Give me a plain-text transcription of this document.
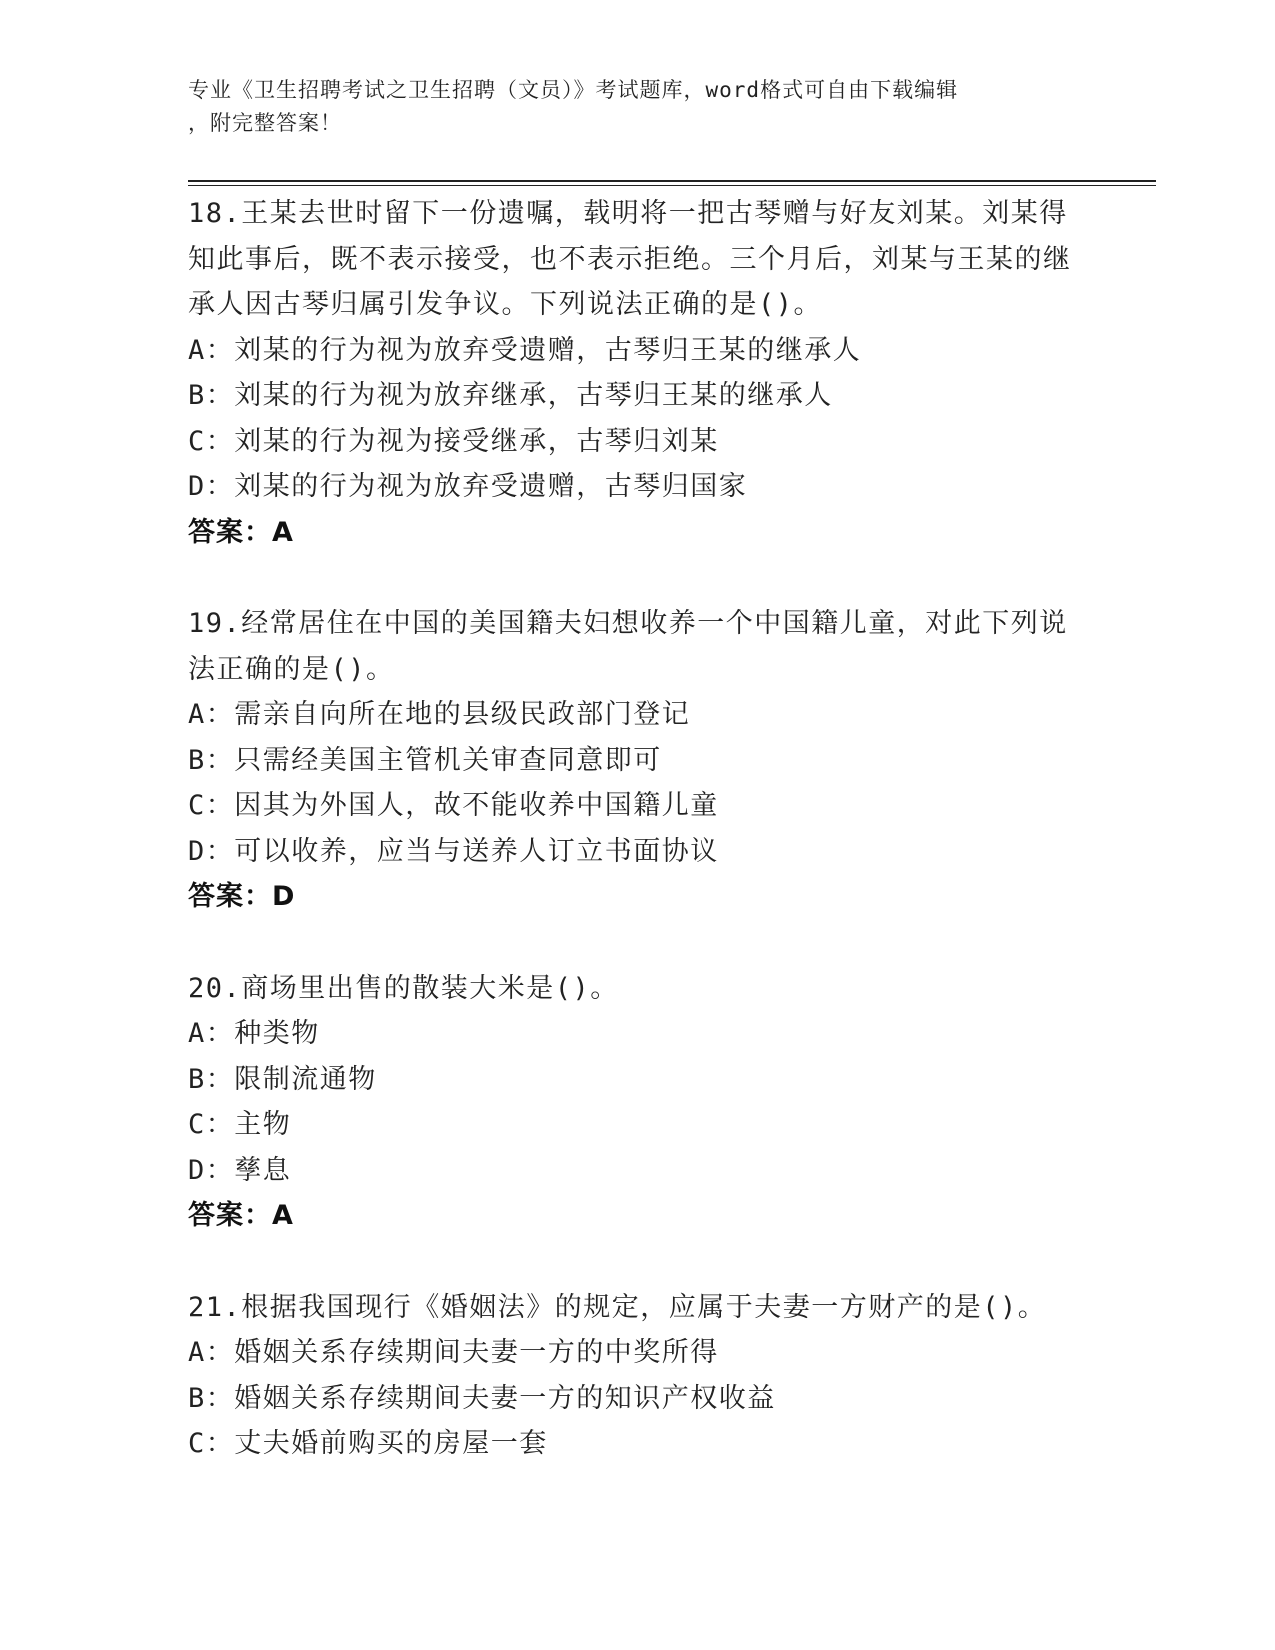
专业《卫生招聘考试之卫生招聘（文员）》考试题库，word格式可自由下载编辑
，附完整答案！
18.王某去世时留下一份遗嘱，载明将一把古琴赠与好友刘某。刘某得知此事后，既不表示接受，也不表示拒绝。三个月后，刘某与王某的继承人因古琴归属引发争议。下列说法正确的是()。
A：刘某的行为视为放弃受遗赠，古琴归王某的继承人
B：刘某的行为视为放弃继承，古琴归王某的继承人
C：刘某的行为视为接受继承，古琴归刘某
D：刘某的行为视为放弃受遗赠，古琴归国家
答案：A
19.经常居住在中国的美国籍夫妇想收养一个中国籍儿童，对此下列说法正确的是()。
A：需亲自向所在地的县级民政部门登记
B：只需经美国主管机关审查同意即可
C：因其为外国人，故不能收养中国籍儿童
D：可以收养，应当与送养人订立书面协议
答案：D
20.商场里出售的散装大米是()。
A：种类物
B：限制流通物
C：主物
D：孳息
答案：A
21.根据我国现行《婚姻法》的规定，应属于夫妻一方财产的是()。
A：婚姻关系存续期间夫妻一方的中奖所得
B：婚姻关系存续期间夫妻一方的知识产权收益
C：丈夫婚前购买的房屋一套
